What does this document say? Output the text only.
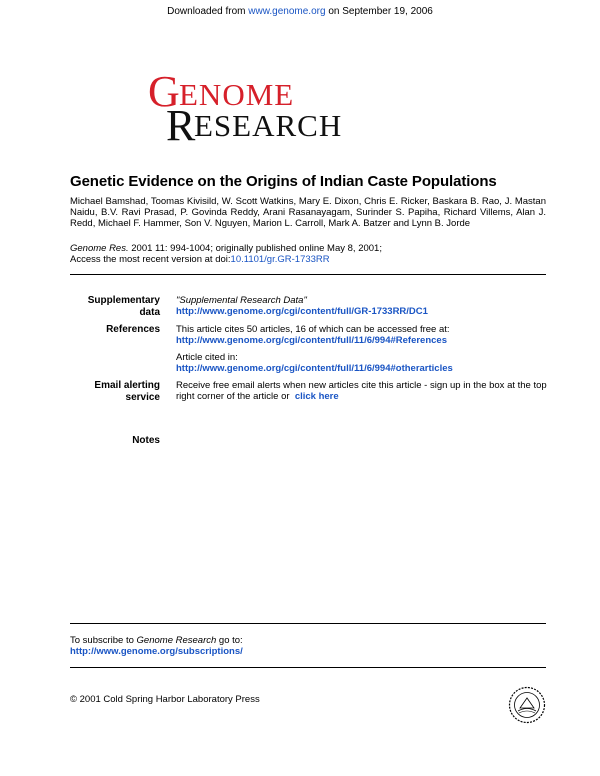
Downloaded from www.genome.org on September 19, 2006
G ENOME
R
ESEARCH
Genetic Evidence on the Origins of Indian Caste Populations
Michael Bamshad, Toomas Kivisild, W. Scott Watkins, Mary E. Dixon, Chris E. Ricker, Baskara B. Rao, J. Mastan Naidu, B.V. Ravi Prasad, P. Govinda Reddy, Arani Rasanayagam, Surinder S. Papiha, Richard Villems, Alan J. Redd, Michael F. Hammer, Son V. Nguyen, Marion L. Carroll, Mark A. Batzer and Lynn B. Jorde
Genome Res. 2001 11: 994-1004; originally published online May 8, 2001;
Access the most recent version at doi:10.1101/gr.GR-1733RR
Supplementary
data
"Supplemental Research Data"
http://www.genome.org/cgi/content/full/GR-1733RR/DC1
References This article cites 50 articles, 16 of which can be accessed free at:
http://www.genome.org/cgi/content/full/11/6/994#References
Article cited in:
http://www.genome.org/cgi/content/full/11/6/994#otherarticles
Email alerting
service
Receive free email alerts when new articles cite this article - sign up in the box at the top right corner of the article or click here
Notes
To subscribe to Genome Research go to:
http://www.genome.org/subscriptions/
© 2001 Cold Spring Harbor Laboratory Press
